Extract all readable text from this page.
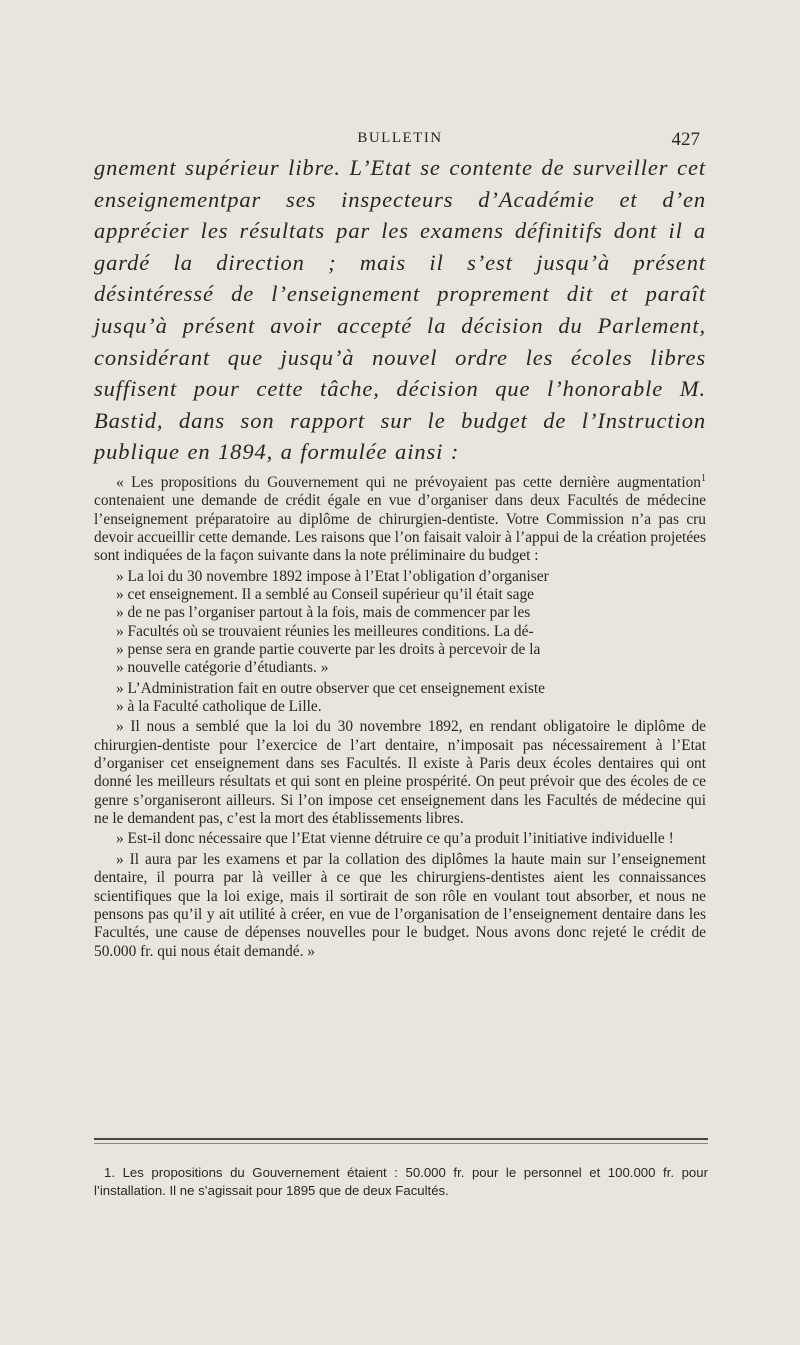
BULLETIN	427

gnement supérieur libre. L’Etat se contente de surveiller cet enseignementpar ses inspecteurs d’Académie et d’en apprécier les résultats par les examens définitifs dont il a gardé la direction ; mais il s’est jusqu’à présent désintéressé de l’enseignement proprement dit et paraît jusqu’à présent avoir accepté la décision du Parlement, considérant que jusqu’à nouvel ordre les écoles libres suffisent pour cette tâche, décision que l’honorable M. Bastid, dans son rapport sur le budget de l’Instruction publique en 1894, a formulée ainsi :

« Les propositions du Gouvernement qui ne prévoyaient pas cette dernière augmentation$^1$ contenaient une demande de crédit égale en vue d’organiser dans deux Facultés de médecine l’enseignement préparatoire au diplôme de chirurgien-dentiste. Votre Commission n’a pas cru devoir accueillir cette demande. Les raisons que l’on faisait valoir à l’appui de la création projetées sont indiquées de la façon suivante dans la note préliminaire du budget :

» La loi du 30 novembre 1892 impose à l’Etat l’obligation d’organiser
» cet enseignement. Il a semblé au Conseil supérieur qu’il était sage
» de ne pas l’organiser partout à la fois, mais de commencer par les
» Facultés où se trouvaient réunies les meilleures conditions. La dé-
» pense sera en grande partie couverte par les droits à percevoir de la
» nouvelle catégorie d’étudiants. »

» L’Administration fait en outre observer que cet enseignement existe
» à la Faculté catholique de Lille.

» Il nous a semblé que la loi du 30 novembre 1892, en rendant obligatoire le diplôme de chirurgien-dentiste pour l’exercice de l’art dentaire, n’imposait pas nécessairement à l’Etat d’organiser cet enseignement dans ses Facultés. Il existe à Paris deux écoles dentaires qui ont donné les meilleurs résultats et qui sont en pleine prospérité. On peut prévoir que des écoles de ce genre s’organiseront ailleurs. Si l’on impose cet enseignement dans les Facultés de médecine qui ne le demandent pas, c’est la mort des établissements libres.

» Est-il donc nécessaire que l’Etat vienne détruire ce qu’a produit l’initiative individuelle !

» Il aura par les examens et par la collation des diplômes la haute main sur l’enseignement dentaire, il pourra par là veiller à ce que les chirurgiens-dentistes aient les connaissances scientifiques que la loi exige, mais il sortirait de son rôle en voulant tout absorber, et nous ne pensons pas qu’il y ait utilité à créer, en vue de l’organisation de l’enseignement dentaire dans les Facultés, une cause de dépenses nouvelles pour le budget. Nous avons donc rejeté le crédit de 50.000 fr. qui nous était demandé. »

1. Les propositions du Gouvernement étaient : 50.000 fr. pour le personnel et 100.000 fr. pour l’installation. Il ne s’agissait pour 1895 que de deux Facultés.
